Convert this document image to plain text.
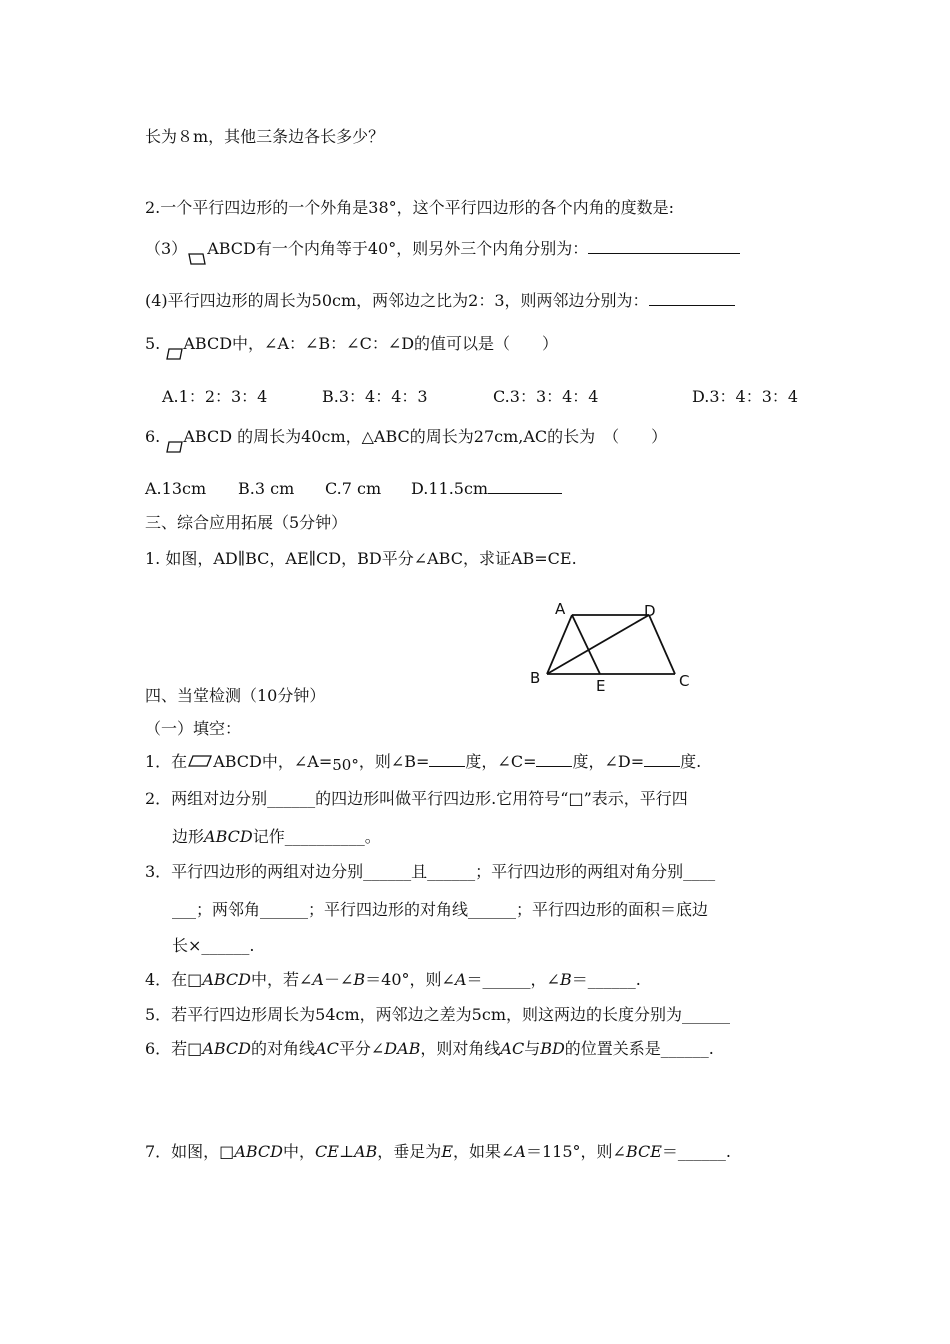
长为８m，其他三条边各长多少？
2.一个平行四边形的一个外角是38°，这个平行四边形的各个内角的度数是:
（3） ABCD有一个内角等于40°，则另外三个内角分别为：
(4)平行四边形的周长为50cm，两邻边之比为2：3，则两邻边分别为：
5. ABCD中，∠A：∠B：∠C：∠D的值可以是（　　）
A.1：2：3：4	B.3：4：4：3	C.3：3：4：4	D.3：4：3：4
6. ABCD 的周长为40cm，△ABC的周长为27cm,AC的长为　（　　）
A.13cm B.3 cm C.7 cm D.11.5cm
三、综合应用拓展（5分钟）
1. 如图，AD∥BC，AE∥CD，BD平分∠ABC，求证AB=CE.
A	D
B	E	C
四、当堂检测（10分钟）
（一）填空：
1．在 ABCD中，∠A=50°，则∠B= 度，∠C= 度，∠D= 度.
2．两组对边分别______的四边形叫做平行四边形.它用符号“□”表示，平行四
边形ABCD记作__________。
3．平行四边形的两组对边分别______且______；平行四边形的两组对角分别____
___；两邻角______；平行四边形的对角线______；平行四边形的面积＝底边
长×______.
4．在□ABCD中，若∠A－∠B＝40°，则∠A＝______，∠B＝______.
5．若平行四边形周长为54cm，两邻边之差为5cm，则这两边的长度分别为______
6．若□ABCD的对角线AC平分∠DAB，则对角线AC与BD的位置关系是______.
7．如图，□ABCD中，CE⊥AB，垂足为E，如果∠A＝115°，则∠BCE＝______.
